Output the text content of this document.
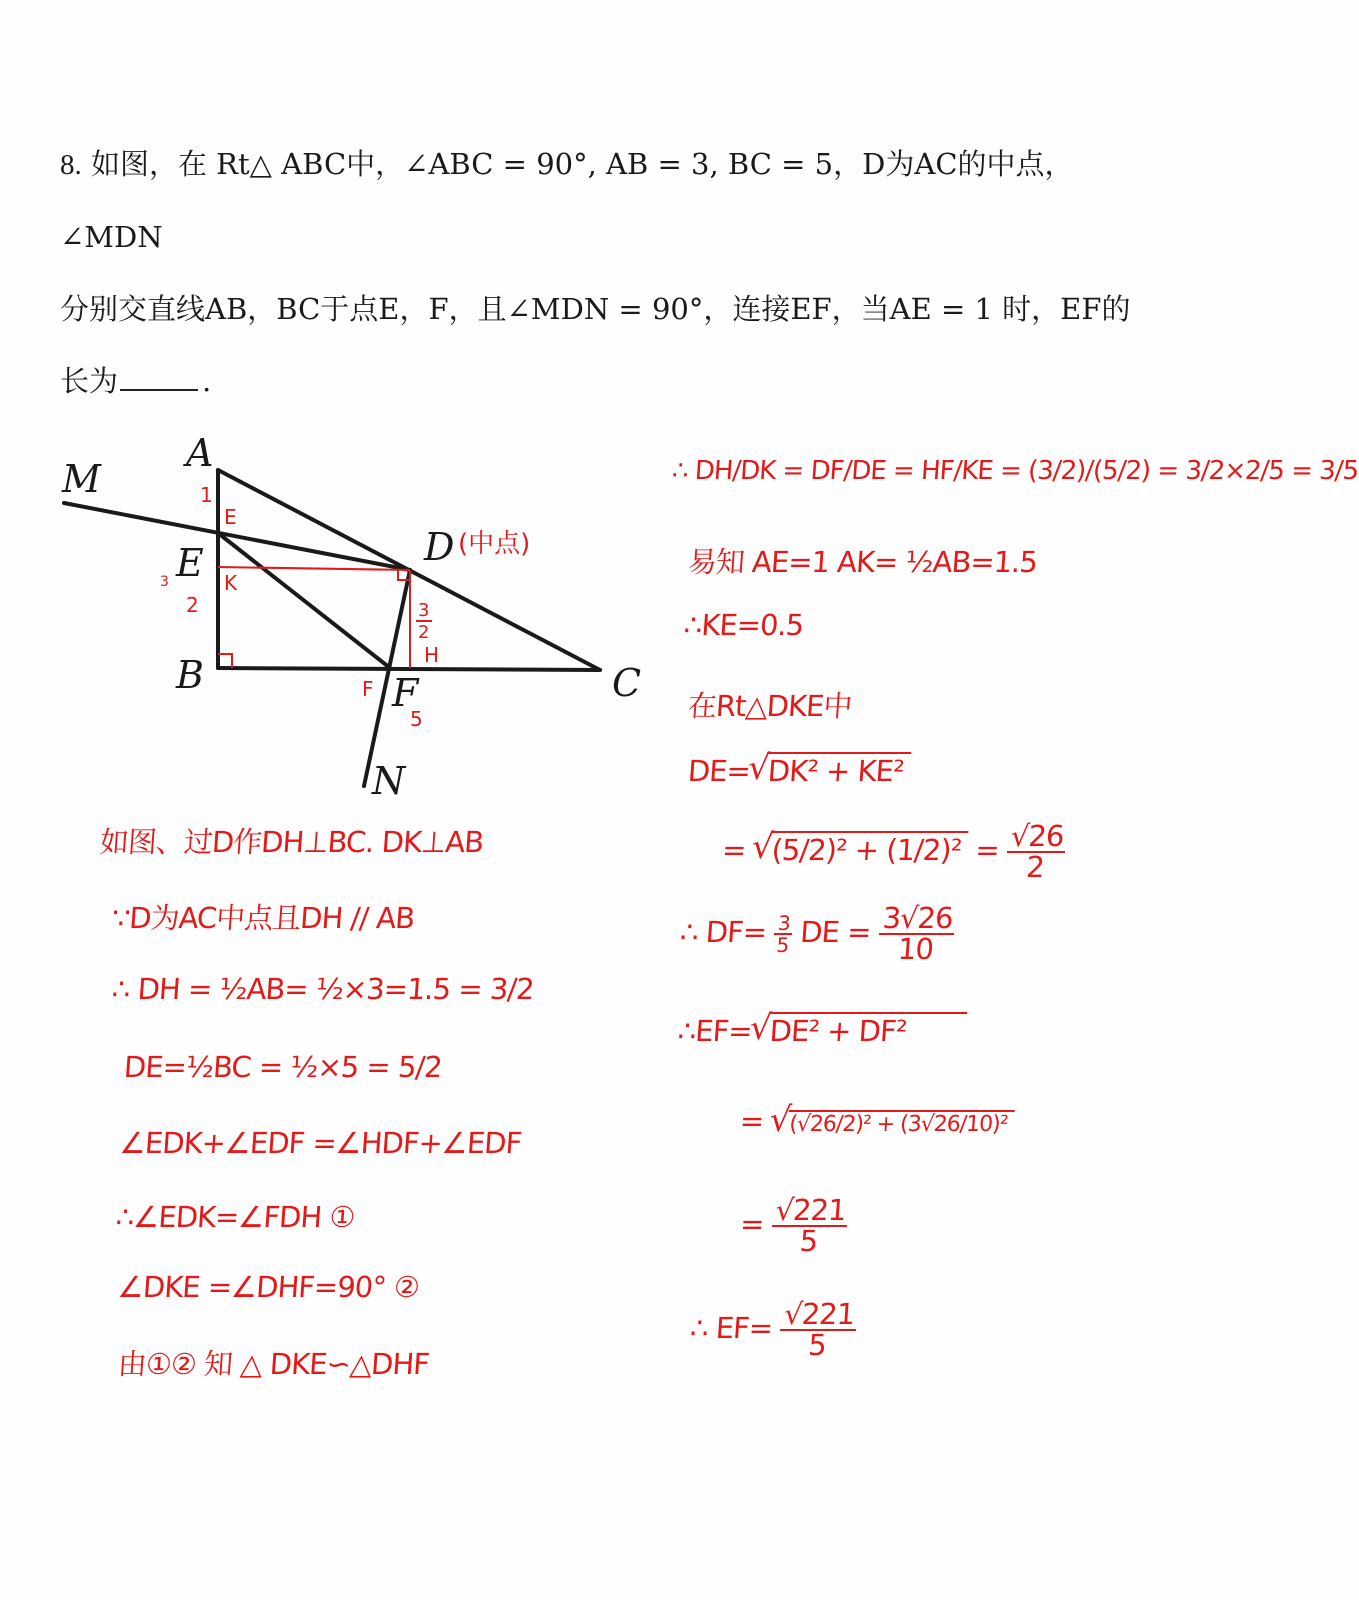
8. 如图，在 Rt△ ABC中，∠ABC = 90°, AB = 3, BC = 5，D为AC的中点，∠MDN
分别交直线AB，BC于点E，F，且∠MDN = 90°，连接EF，当AE = 1 时，EF的
长为	.
A
M
E	D
B	C
F
N
(中点)
E
K
F
H
1
2
3
5
3
2
如图、过D作DH⊥BC. DK⊥AB
∵D为AC中点且DH // AB
∴ DH = ½AB= ½×3=1.5 = 3/2
DE=½BC = ½×5 = 5/2
∠EDK+∠EDF =∠HDF+∠EDF
∴∠EDK=∠FDH ①
∠DKE =∠DHF=90° ②
由①② 知 △ DKE∽△DHF
∴ DH/DK = DF/DE = HF/KE = (3/2)/(5/2) = 3/2×2/5 = 3/5
易知 AE=1 AK= ½AB=1.5
∴KE=0.5
在Rt△DKE中
DE= √ DK² + KE²
= √ (5/2)² + (1/2)² =
$\frac{√26}{2}$
∴ DF=
$\frac{3}{5}$ DE = $\frac{3√26}{10}$
∴EF= √ DE² + DF²
= √ (√26/2)² + (3√26/10)²
= $\frac{√221}{5}$
∴ $EF= \frac{√221}{5}$
